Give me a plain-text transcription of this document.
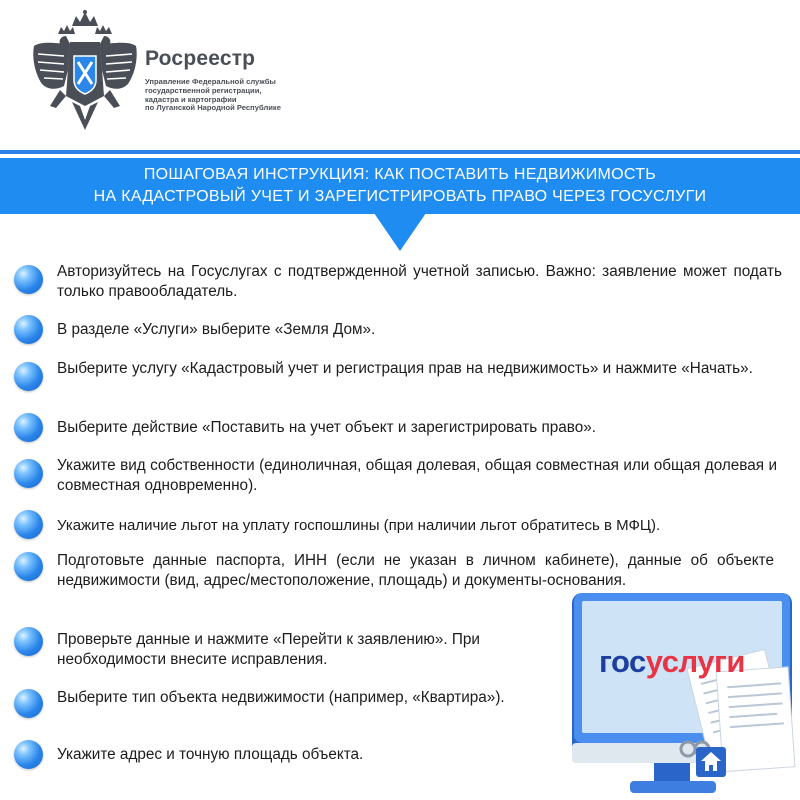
Росреестр
Управление Федеральной службы
государственной регистрации,
кадастра и картографии
по Луганской Народной Республике
ПОШАГОВАЯ ИНСТРУКЦИЯ: КАК ПОСТАВИТЬ НЕДВИЖИМОСТЬ
НА КАДАСТРОВЫЙ УЧЕТ И ЗАРЕГИСТРИРОВАТЬ ПРАВО ЧЕРЕЗ ГОСУСЛУГИ
Авторизуйтесь на Госуслугах с подтвержденной учетной записью. Важно: заявление может подать только правообладатель.
В разделе «Услуги» выберите «Земля Дом».
Выберите услугу «Кадастровый учет и регистрация прав на недвижимость» и нажмите «Начать».
Выберите действие «Поставить на учет объект и зарегистрировать право».
Укажите вид собственности (единоличная, общая долевая, общая совместная или общая долевая и совместная одновременно).
Укажите наличие льгот на уплату госпошлины (при наличии льгот обратитесь в МФЦ).
Подготовьте данные паспорта, ИНН (если не указан в личном кабинете), данные об объекте недвижимости (вид, адрес/местоположение, площадь) и документы-основания.
Проверьте данные и нажмите «Перейти к заявлению». При необходимости внесите исправления.
Выберите тип объекта недвижимости (например, «Квартира»).
Укажите адрес и точную площадь объекта.
госуслуги
